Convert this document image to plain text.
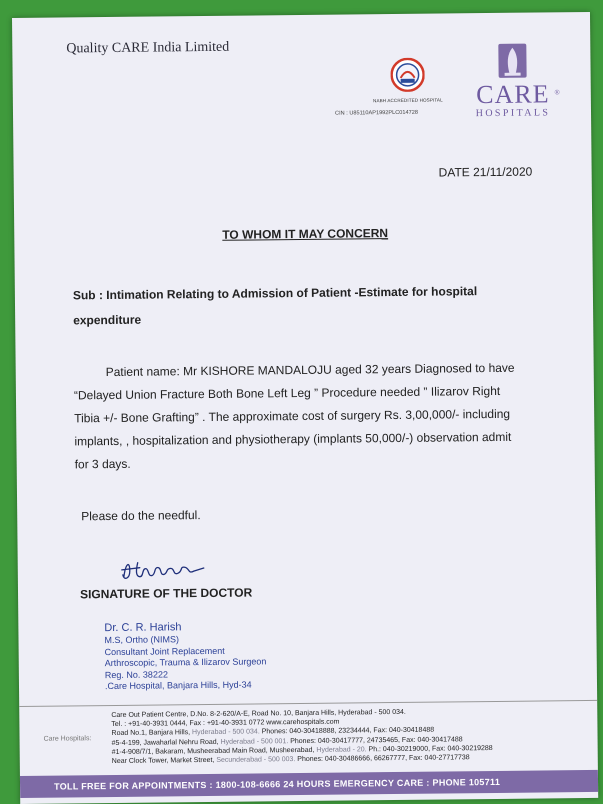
Quality CARE India Limited
NABH ACCREDITED HOSPITAL
CIN : U85110AP1992PLC014728
CARE ®
HOSPITALS
DATE 21/11/2020
TO WHOM IT MAY CONCERN
Sub : Intimation Relating to Admission of Patient -Estimate for hospital
expenditure
Patient name: Mr KISHORE MANDALOJU aged 32 years Diagnosed to have
“Delayed Union Fracture Both Bone Left Leg ” Procedure needed ” Ilizarov Right
Tibia +/- Bone Grafting” . The approximate cost of surgery Rs. 3,00,000/- including
implants, , hospitalization and physiotherapy (implants 50,000/-) observation admit
for 3 days.
Please do the needful.
SIGNATURE OF THE DOCTOR
Dr. C. R. Harish
M.S, Ortho (NIMS)
Consultant Joint Replacement
Arthroscopic, Trauma & Ilizarov Surgeon
Reg. No. 38222
.Care Hospital, Banjara Hills, Hyd-34
Care Hospitals:
Care Out Patient Centre, D.No. 8-2-620/A-E, Road No. 10, Banjara Hills, Hyderabad - 500 034.
Tel. : +91-40-3931 0444, Fax : +91-40-3931 0772 www.carehospitals.com
Road No.1, Banjara Hills, Hyderabad - 500 034. Phones: 040-30418888, 23234444, Fax: 040-30418488
#5-4-199, Jawaharlal Nehru Road, Hyderabad - 500 001. Phones: 040-30417777, 24735465, Fax: 040-30417488
#1-4-908/7/1, Bakaram, Musheerabad Main Road, Musheerabad, Hyderabad - 20. Ph.: 040-30219000, Fax: 040-30219288
Near Clock Tower, Market Street, Secunderabad - 500 003. Phones: 040-30486666, 66267777, Fax: 040-27717738
TOLL FREE FOR APPOINTMENTS : 1800-108-6666 24 HOURS EMERGENCY CARE : PHONE 105711
